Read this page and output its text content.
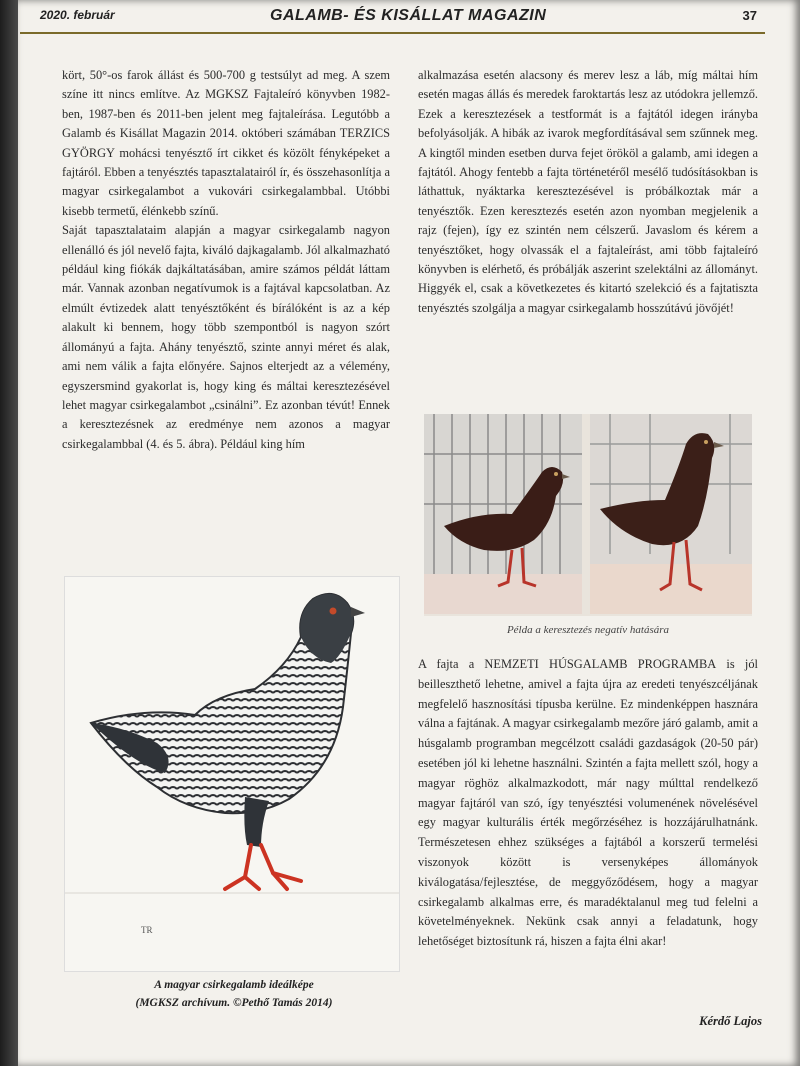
2020. február	GALAMB- ÉS KISÁLLAT MAGAZIN	37

kört, 50°-os farok állást és 500-700 g testsúlyt ad meg. A szem színe itt nincs említve. Az MGKSZ Fajtaleíró könyvben 1982-ben, 1987-ben és 2011-ben jelent meg fajtaleírása. Legutóbb a Galamb és Kisállat Magazin 2014. októberi számában TERZICS GYÖRGY mohácsi tenyésztő írt cikket és közölt fényképeket a fajtáról. Ebben a tenyésztés tapasztalatairól ír, és összehasonlítja a magyar csirkegalambot a vukovári csirkegalambbal. Utóbbi kisebb termetű, élénkebb színű.

Saját tapasztalataim alapján a magyar csirkegalamb nagyon ellenálló és jól nevelő fajta, kiváló dajkagalamb. Jól alkalmazható például king fiókák dajkáltatásában, amire számos példát láttam már. Vannak azonban negatívumok is a fajtával kapcsolatban. Az elmúlt évtizedek alatt tenyésztőként és bírálóként is az a kép alakult ki bennem, hogy több szempontból is nagyon szórt állományú a fajta. Ahány tenyésztő, szinte annyi méret és alak, ami nem válik a fajta előnyére. Sajnos elterjedt az a vélemény, egyszersmind gyakorlat is, hogy king és máltai keresztezésével lehet magyar csirkegalambot „csinálni”. Ez azonban tévút! Ennek a keresztezésnek az eredménye nem azonos a magyar csirkegalambbal (4. és 5. ábra). Például king hím

alkalmazása esetén alacsony és merev lesz a láb, míg máltai hím esetén magas állás és meredek faroktartás lesz az utódokra jellemző. Ezek a keresztezések a testformát is a fajtától idegen irányba befolyásolják. A hibák az ivarok megfordításával sem szűnnek meg. A kingtől minden esetben durva fejet örököl a galamb, ami idegen a fajtától. Ahogy fentebb a fajta történetéről mesélő tudósításokban is láthattuk, nyáktarka keresztezésével is próbálkoztak már a tenyésztők. Ezen keresztezés esetén azon nyomban megjelenik a rajz (fejen), így ez szintén nem célszerű. Javaslom és kérem a tenyésztőket, hogy olvassák el a fajtaleírást, ami több fajtaleíró könyvben is elérhető, és próbálják aszerint szelektálni az állományt. Higgyék el, csak a következetes és kitartó szelekció és a fajtatiszta tenyésztés szolgálja a magyar csirkegalamb hosszútávú jövőjét!

Példa a keresztezés negatív hatására

A fajta a NEMZETI HÚSGALAMB PROGRAMBA is jól beilleszthető lehetne, amivel a fajta újra az eredeti tenyészcéljának megfelelő hasznosítási típusba kerülne. Ez mindenképpen hasznára válna a fajtának. A magyar csirkegalamb mezőre járó galamb, amit a húsgalamb programban megcélzott családi gazdaságok (20-50 pár) esetében jól ki lehetne használni. Szintén a fajta mellett szól, hogy a magyar röghöz alkalmazkodott, már nagy múlttal rendelkező magyar fajtáról van szó, így tenyésztési volumenének növelésével egy magyar kulturális érték megőrzéséhez is hozzájárulhatnánk. Természetesen ehhez szükséges a fajtából a korszerű termelési viszonyok között is versenyképes állományok kiválogatása/fejlesztése, de meggyőződésem, hogy a magyar csirkegalamb alkalmas erre, és maradéktalanul meg tud felelni a követelményeknek. Nekünk csak annyi a feladatunk, hogy lehetőséget biztosítunk rá, hiszen a fajta élni akar!

TR
A magyar csirkegalamb ideálképe
(MGKSZ archívum. ©Pethő Tamás 2014)
Kérdő Lajos
